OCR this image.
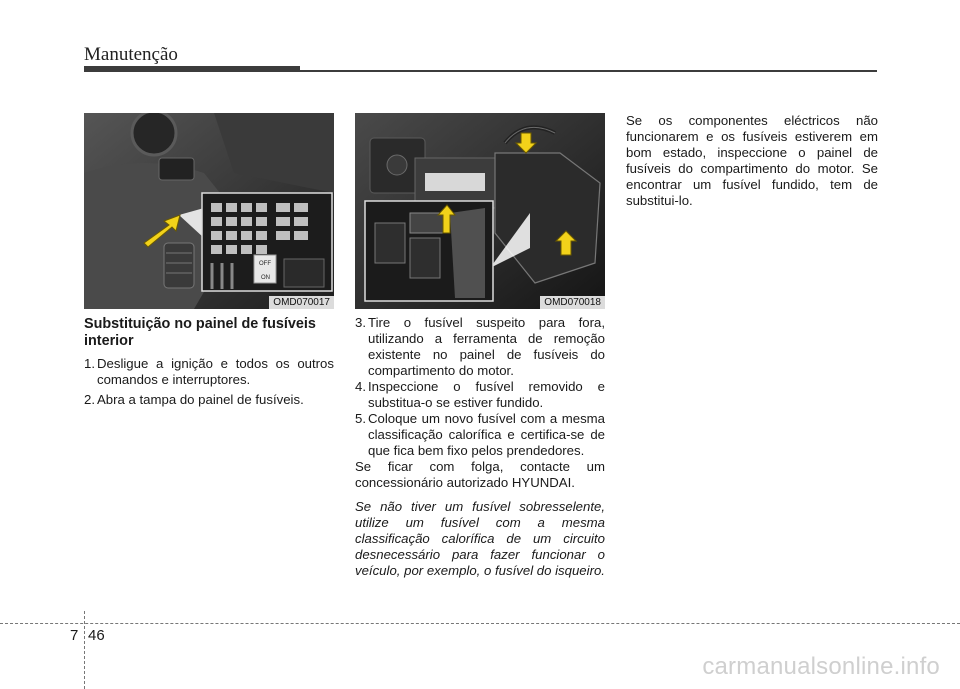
Manutenção
OFF
ON
OMD070017	OMD070018
Substituição no painel de fusíveis interior
1. Desligue a ignição e todos os outros comandos e interruptores.
2. Abra a tampa do painel de fusíveis.
3. Tire o fusível suspeito para fora, utilizando a ferramenta de remoção existente no painel de fusíveis do compartimento do motor.
4. Inspeccione o fusível removido e substitua-o se estiver fundido.
5. Coloque um novo fusível com a mesma classificação calorífica e certifica-se de que fica bem fixo pelos prendedores.

Se ficar com folga, contacte um concessionário autorizado HYUNDAI.

Se não tiver um fusível sobresselente, utilize um fusível com a mesma classificação calorífica de um circuito desnecessário para fazer funcionar o veículo, por exemplo, o fusível do isqueiro.

Se os componentes eléctricos não funcionarem e os fusíveis estiverem em bom estado, inspeccione o painel de fusíveis do compartimento do motor. Se encontrar um fusível fundido, tem de substitui-lo.

7 46
carmanualsonline.info
